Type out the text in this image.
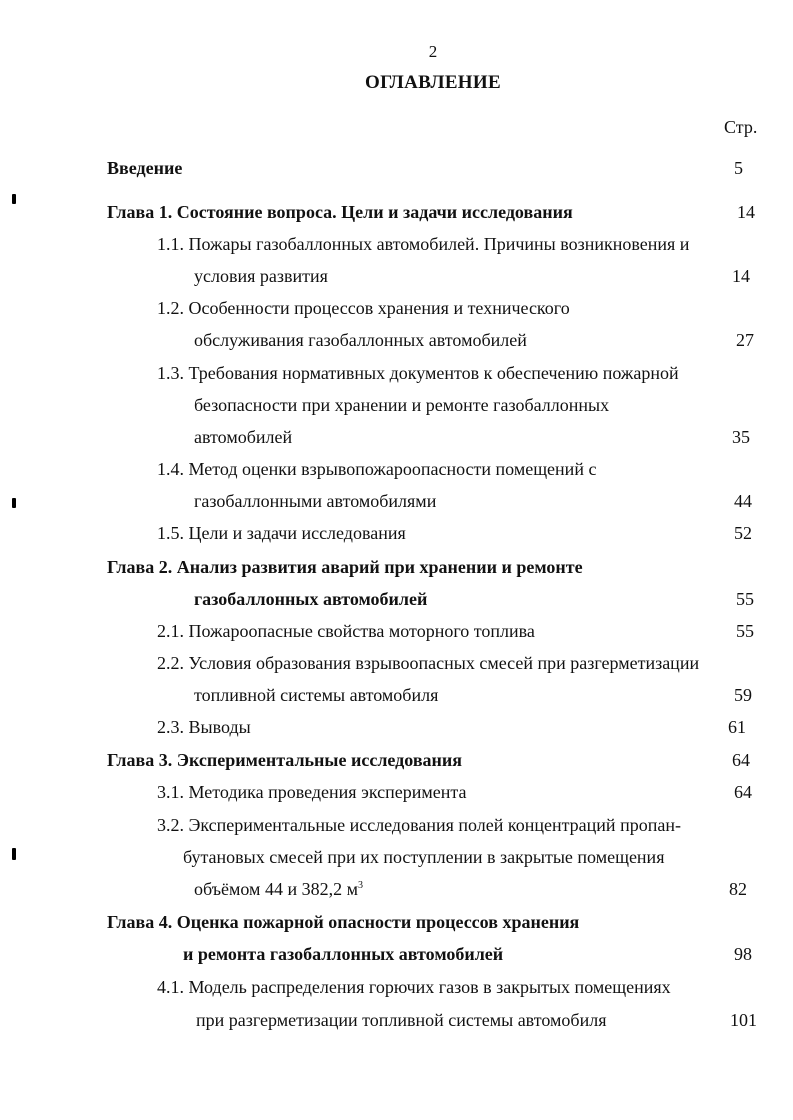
2
ОГЛАВЛЕНИЕ
Стр.
Введение	5
Глава 1. Состояние вопроса. Цели и задачи исследования	14
1.1. Пожары газобаллонных автомобилей. Причины возникновения и
условия развития	14
1.2. Особенности процессов хранения и технического
обслуживания газобаллонных автомобилей	27
1.3. Требования нормативных документов к обеспечению пожарной
безопасности при хранении и ремонте газобаллонных
автомобилей	35
1.4. Метод оценки взрывопожароопасности помещений с
газобаллонными автомобилями	44
1.5. Цели и задачи исследования	52
Глава 2. Анализ развития аварий при хранении и ремонте
газобаллонных автомобилей	55
2.1. Пожароопасные свойства моторного топлива	55
2.2. Условия образования взрывоопасных смесей при разгерметизации
топливной системы автомобиля	59
2.3. Выводы	61
Глава 3. Экспериментальные исследования	64
3.1. Методика проведения эксперимента	64
3.2. Экспериментальные исследования полей концентраций пропан-
бутановых смесей при их поступлении в закрытые помещения
объёмом 44 и 382,2 $м^3$	82
Глава 4. Оценка пожарной опасности процессов хранения
и ремонта газобаллонных автомобилей	98
4.1. Модель распределения горючих газов в закрытых помещениях
при разгерметизации топливной системы автомобиля	101
